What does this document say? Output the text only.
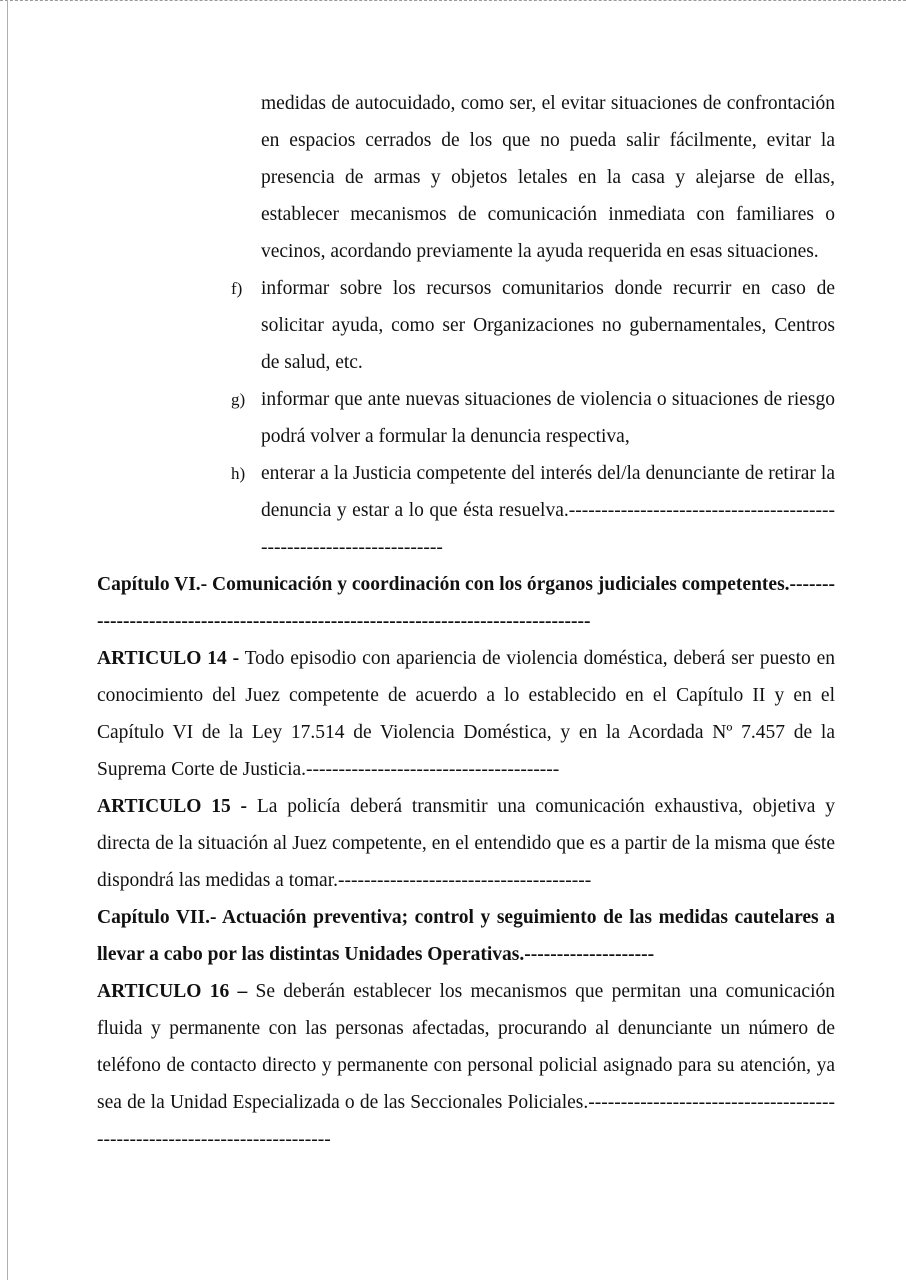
medidas de autocuidado, como ser, el evitar situaciones de confrontación en espacios cerrados de los que no pueda salir fácilmente, evitar la presencia de armas y objetos letales en la casa y alejarse de ellas, establecer mecanismos de comunicación inmediata con familiares o vecinos, acordando previamente la ayuda requerida en esas situaciones.

f) informar sobre los recursos comunitarios donde recurrir en caso de solicitar ayuda, como ser Organizaciones no gubernamentales, Centros de salud, etc.

g) informar que ante nuevas situaciones de violencia o situaciones de riesgo podrá volver a formular la denuncia respectiva,

h) enterar a la Justicia competente del interés del/la denunciante de retirar la denuncia y estar a lo que ésta resuelva.---------------------------------------------------------------------

Capítulo VI.- Comunicación y coordinación con los órganos judiciales competentes.-----------------------------------------------------------------------------------

ARTICULO 14 - Todo episodio con apariencia de violencia doméstica, deberá ser puesto en conocimiento del Juez competente de acuerdo a lo establecido en el Capítulo II y en el Capítulo VI de la Ley 17.514 de Violencia Doméstica, y en la Acordada Nº 7.457 de la Suprema Corte de Justicia.---------------------------------------

ARTICULO 15 - La policía deberá transmitir una comunicación exhaustiva, objetiva y directa de la situación al Juez competente, en el entendido que es a partir de la misma que éste dispondrá las medidas a tomar.---------------------------------------

Capítulo VII.- Actuación preventiva; control y seguimiento de las medidas cautelares a llevar a cabo por las distintas Unidades Operativas.--------------------

ARTICULO 16 – Se deberán establecer los mecanismos que permitan una comunicación fluida y permanente con las personas afectadas, procurando al denunciante un número de teléfono de contacto directo y permanente con personal policial asignado para su atención, ya sea de la Unidad Especializada o de las Seccionales Policiales.--------------------------------------------------------------------------
